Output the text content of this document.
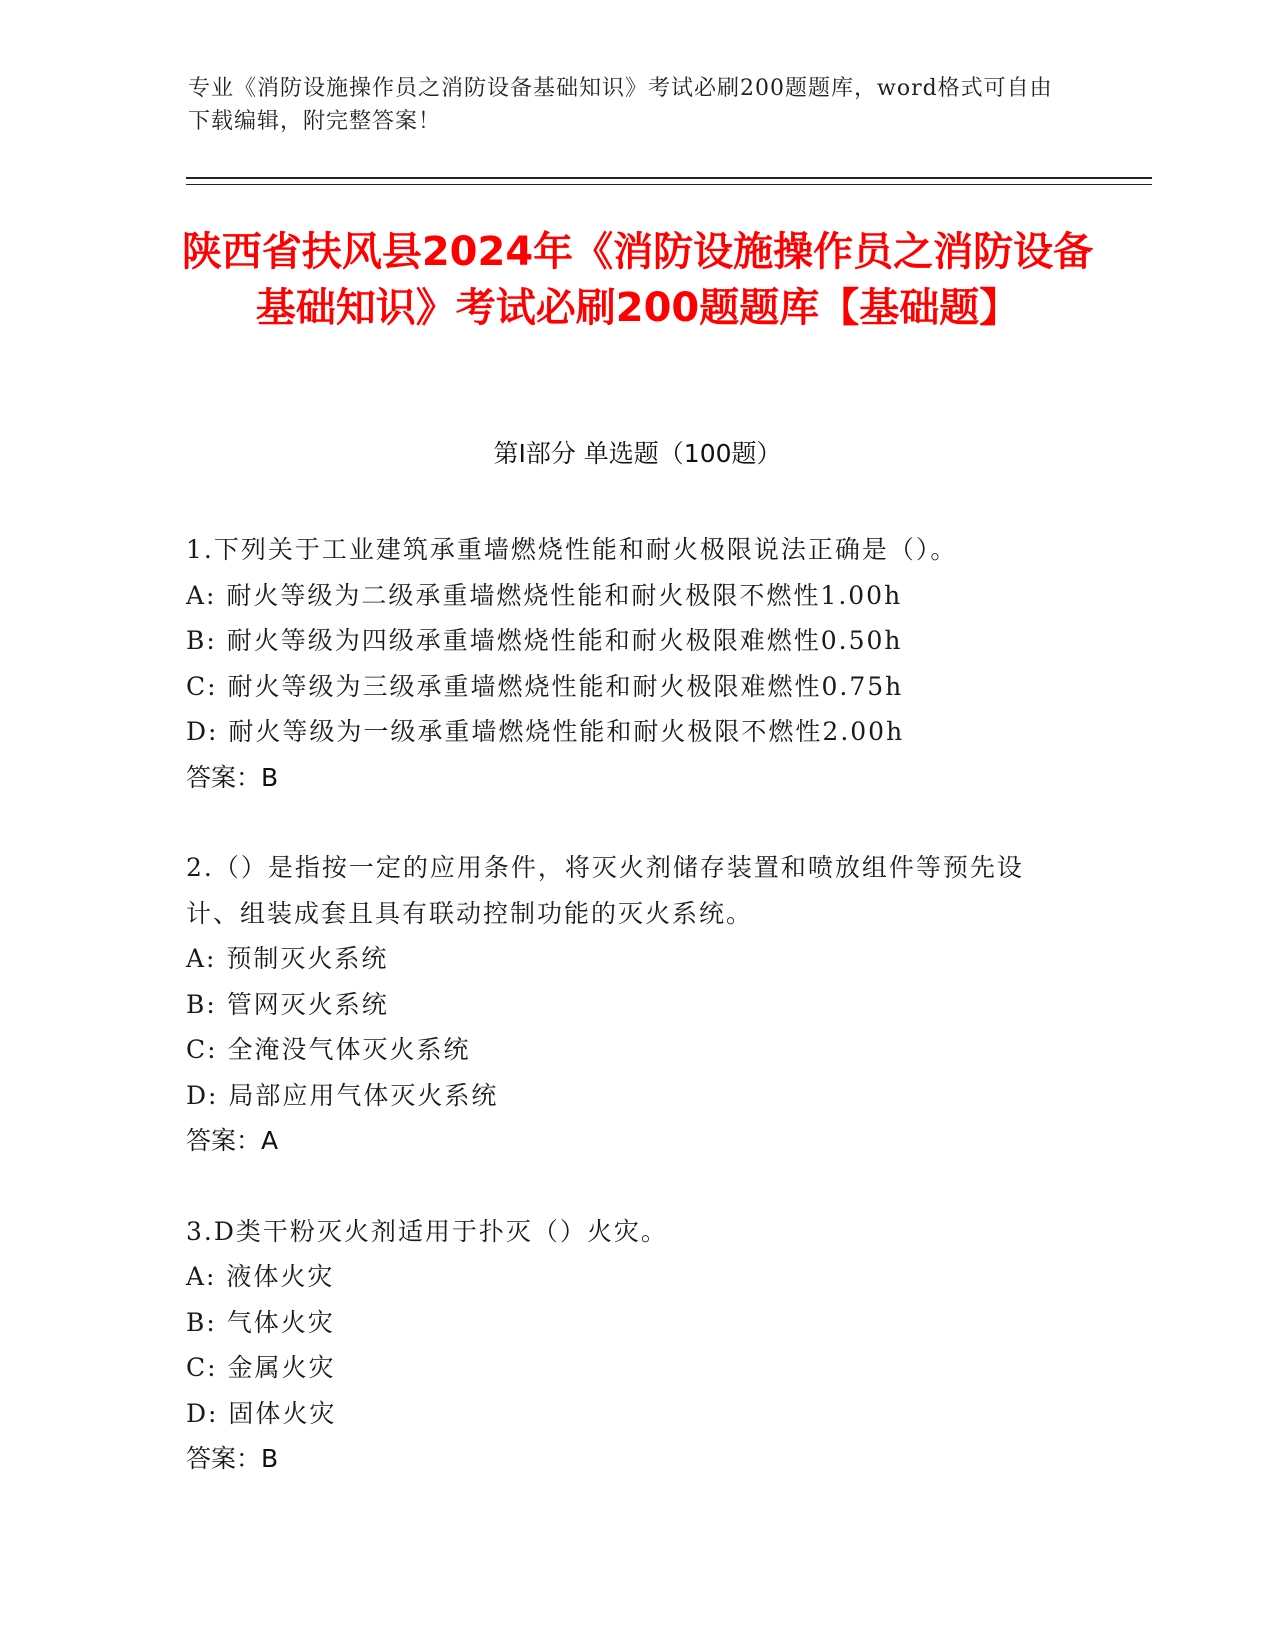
专业《消防设施操作员之消防设备基础知识》考试必刷200题题库，word格式可自由下载编辑，附完整答案！
陕西省扶风县2024年《消防设施操作员之消防设备基础知识》考试必刷200题题库【基础题】
第I部分 单选题（100题）
1.下列关于工业建筑承重墙燃烧性能和耐火极限说法正确是（）。
A: 耐火等级为二级承重墙燃烧性能和耐火极限不燃性1.00h
B: 耐火等级为四级承重墙燃烧性能和耐火极限难燃性0.50h
C: 耐火等级为三级承重墙燃烧性能和耐火极限难燃性0.75h
D: 耐火等级为一级承重墙燃烧性能和耐火极限不燃性2.00h
答案：B
2.（）是指按一定的应用条件，将灭火剂储存装置和喷放组件等预先设计、组装成套且具有联动控制功能的灭火系统。
A: 预制灭火系统
B: 管网灭火系统
C: 全淹没气体灭火系统
D: 局部应用气体灭火系统
答案：A
3.D类干粉灭火剂适用于扑灭（）火灾。
A: 液体火灾
B: 气体火灾
C: 金属火灾
D: 固体火灾
答案：B
